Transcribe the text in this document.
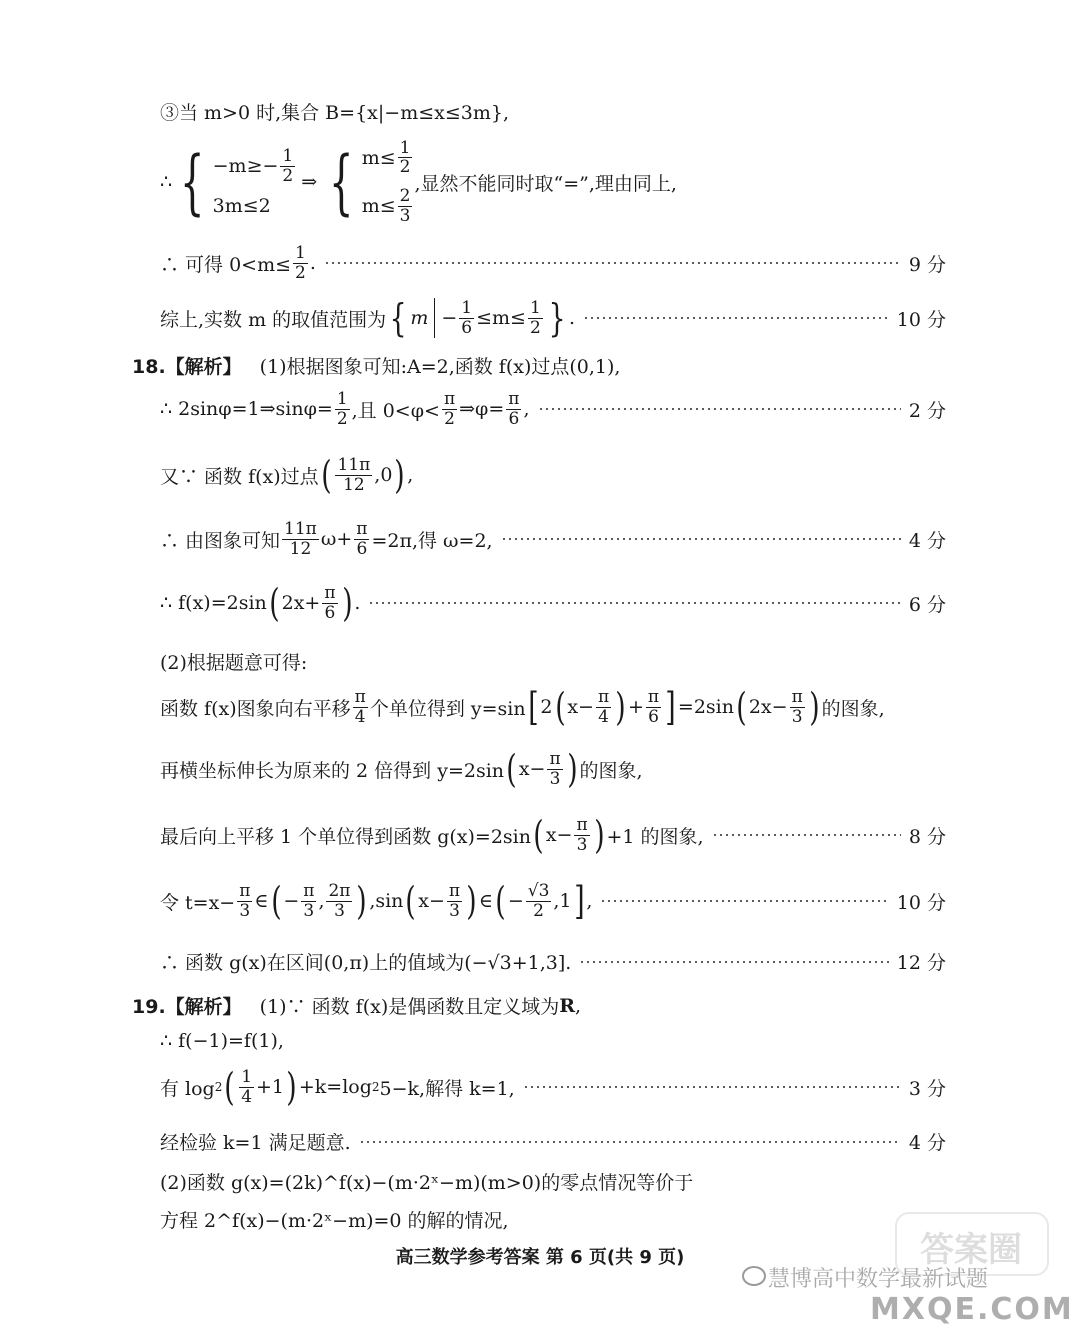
③当 m>0 时,集合 B={x|−m≤x≤3m},
∴ { $-m\ge- \frac{1}{2}$
3m≤2
⇒ { $m\le \frac{1}{2}$
$m\le \frac{2}{3}$
,显然不能同时取“=”,理由同上,
∴ 可得 $0<m\le \frac{1}{2}$ .	9 分
综上,实数 m 的取值范围为 { $m - \frac{1}{6} \le m\le \frac{1}{2}$ } .	10 分
18.【解析】 (1)根据图象可知:A=2,函数 f(x)过点(0,1),
∴ 2sinφ=1⇒sinφ= $\frac{1}{2}$ ,且 $0<\varphi< \frac{\pi}{2}$ ⇒φ= $\frac{\pi}{6}$ ,	2 分
又∵ 函数 f(x)过点 ( $\frac{11\pi}{12} ,0$ ) ,
∴ 由图象可知 $\frac{11\pi}{12} \omega+ \frac{\pi}{6} =2\pi$,得 ω=2,	4 分
∴ f(x)=2sin ( $2x+ \frac{\pi}{6}$ ) .	6 分
(2)根据题意可得:
函数 f(x)图象向右平移 $\frac{\pi}{4}$ 个单位得到 y=sin [ 2 ( $x- \frac{\pi}{4}$ ) + $\frac{\pi}{6}$ ] =2sin ( $2x- \frac{\pi}{3}$ ) 的图象,
再横坐标伸长为原来的 2 倍得到 y=2sin ( $x- \frac{\pi}{3}$ ) 的图象,
最后向上平移 1 个单位得到函数 g(x)=2sin ( $x- \frac{\pi}{3}$ ) +1 的图象,	8 分
令 $t=x- \frac{\pi}{3}$ ∈ ( − $\frac{\pi}{3}$ , $\frac{2\pi}{3}$ ) ,sin ( $x- \frac{\pi}{3}$ ) ∈ ( − $\frac{√3}{2} ,1$ ] ,	10 分
∴ 函数 g(x)在区间(0,π)上的值域为(−√3+1,3].	12 分
19.【解析】 (1)∵ 函数 f(x)是偶函数且定义域为 R ,
∴ f(−1)=f(1),
有 log 2 ( $\frac{1}{4} +1$ ) +k=log 2 5−k,解得 k=1,	3 分
经检验 k=1 满足题意.	4 分
(2)函数 g(x)=(2k)^f(x)−(m·2ˣ−m)(m>0)的零点情况等价于
方程 2^f(x)−(m·2ˣ−m)=0 的解的情况,
高三数学参考答案 第 6 页(共 9 页)
慧博高中数学最新试题
MXQE.COM
答案圈
